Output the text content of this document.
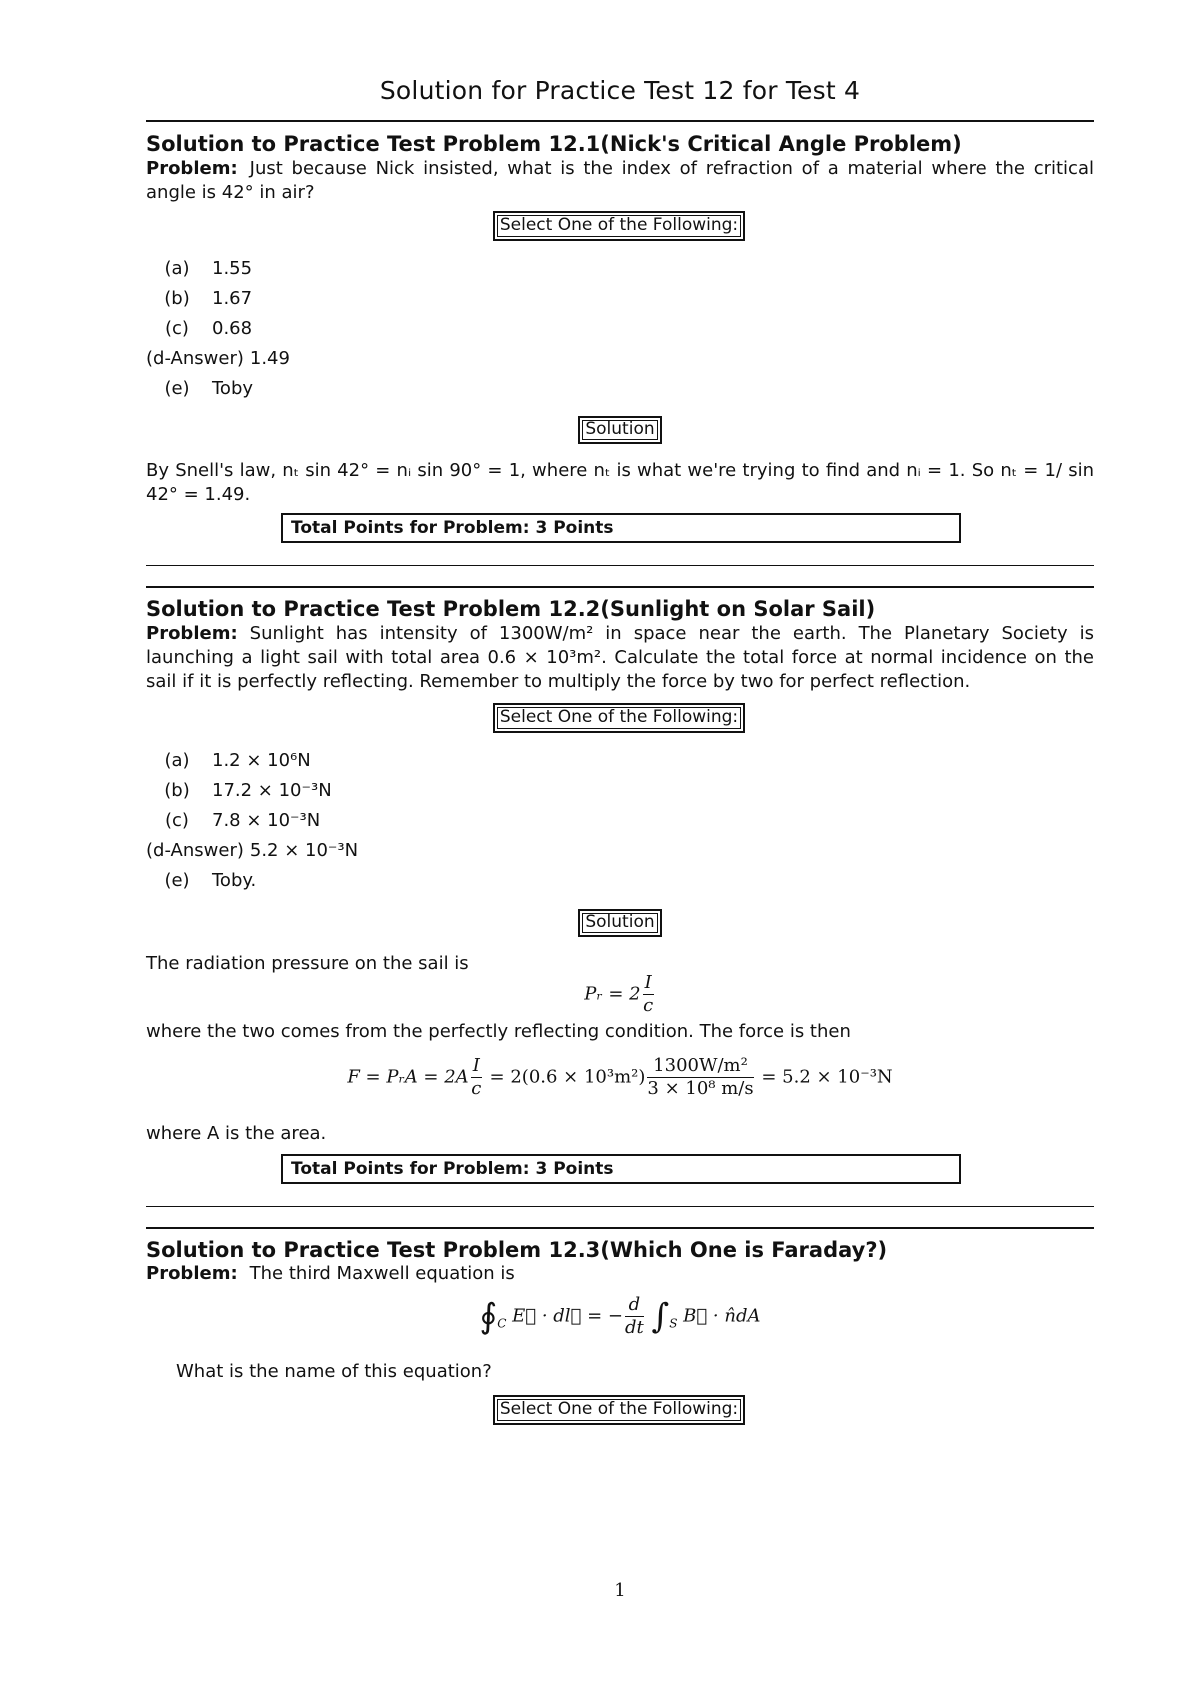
Solution for Practice Test 12 for Test 4
Solution to Practice Test Problem 12.1(Nick's Critical Angle Problem)
Problem: Just because Nick insisted, what is the index of refraction of a material where the critical angle is 42° in air?
Select One of the Following:
(a) 1.55
(b) 1.67
(c) 0.68
(d-Answer) 1.49
(e) Toby
Solution
By Snell's law, nₜ sin 42° = nᵢ sin 90° = 1, where nₜ is what we're trying to find and nᵢ = 1. So nₜ = 1/ sin 42° = 1.49.
Total Points for Problem: 3 Points
Solution to Practice Test Problem 12.2(Sunlight on Solar Sail)
Problem: Sunlight has intensity of 1300W/m² in space near the earth. The Planetary Society is launching a light sail with total area 0.6 × 10³m². Calculate the total force at normal incidence on the sail if it is perfectly reflecting. Remember to multiply the force by two for perfect reflection.
Select One of the Following:
(a) 1.2 × 10⁶N
(b) 17.2 × 10⁻³N
(c) 7.8 × 10⁻³N
(d-Answer) 5.2 × 10⁻³N
(e) Toby.
Solution
The radiation pressure on the sail is
Pᵣ = $2 \frac{I}{c}$
where the two comes from the perfectly reflecting condition. The force is then
F = PᵣA = $2A \frac{I}{c} = 2(0.6 \times 10^3m^2) \frac{\text{1300W/m²}}{\text{3 × 10⁸ m/s}} = 5.2 \times 10^{-3}N$
where A is the area.
Total Points for Problem: 3 Points
Solution to Practice Test Problem 12.3(Which One is Faraday?)
Problem: The third Maxwell equation is
$∮_C$ E⃗ · dl⃗ = − $\frac{d}{dt} \int_S$ B⃗ · n̂dA
What is the name of this equation?
Select One of the Following:
1
